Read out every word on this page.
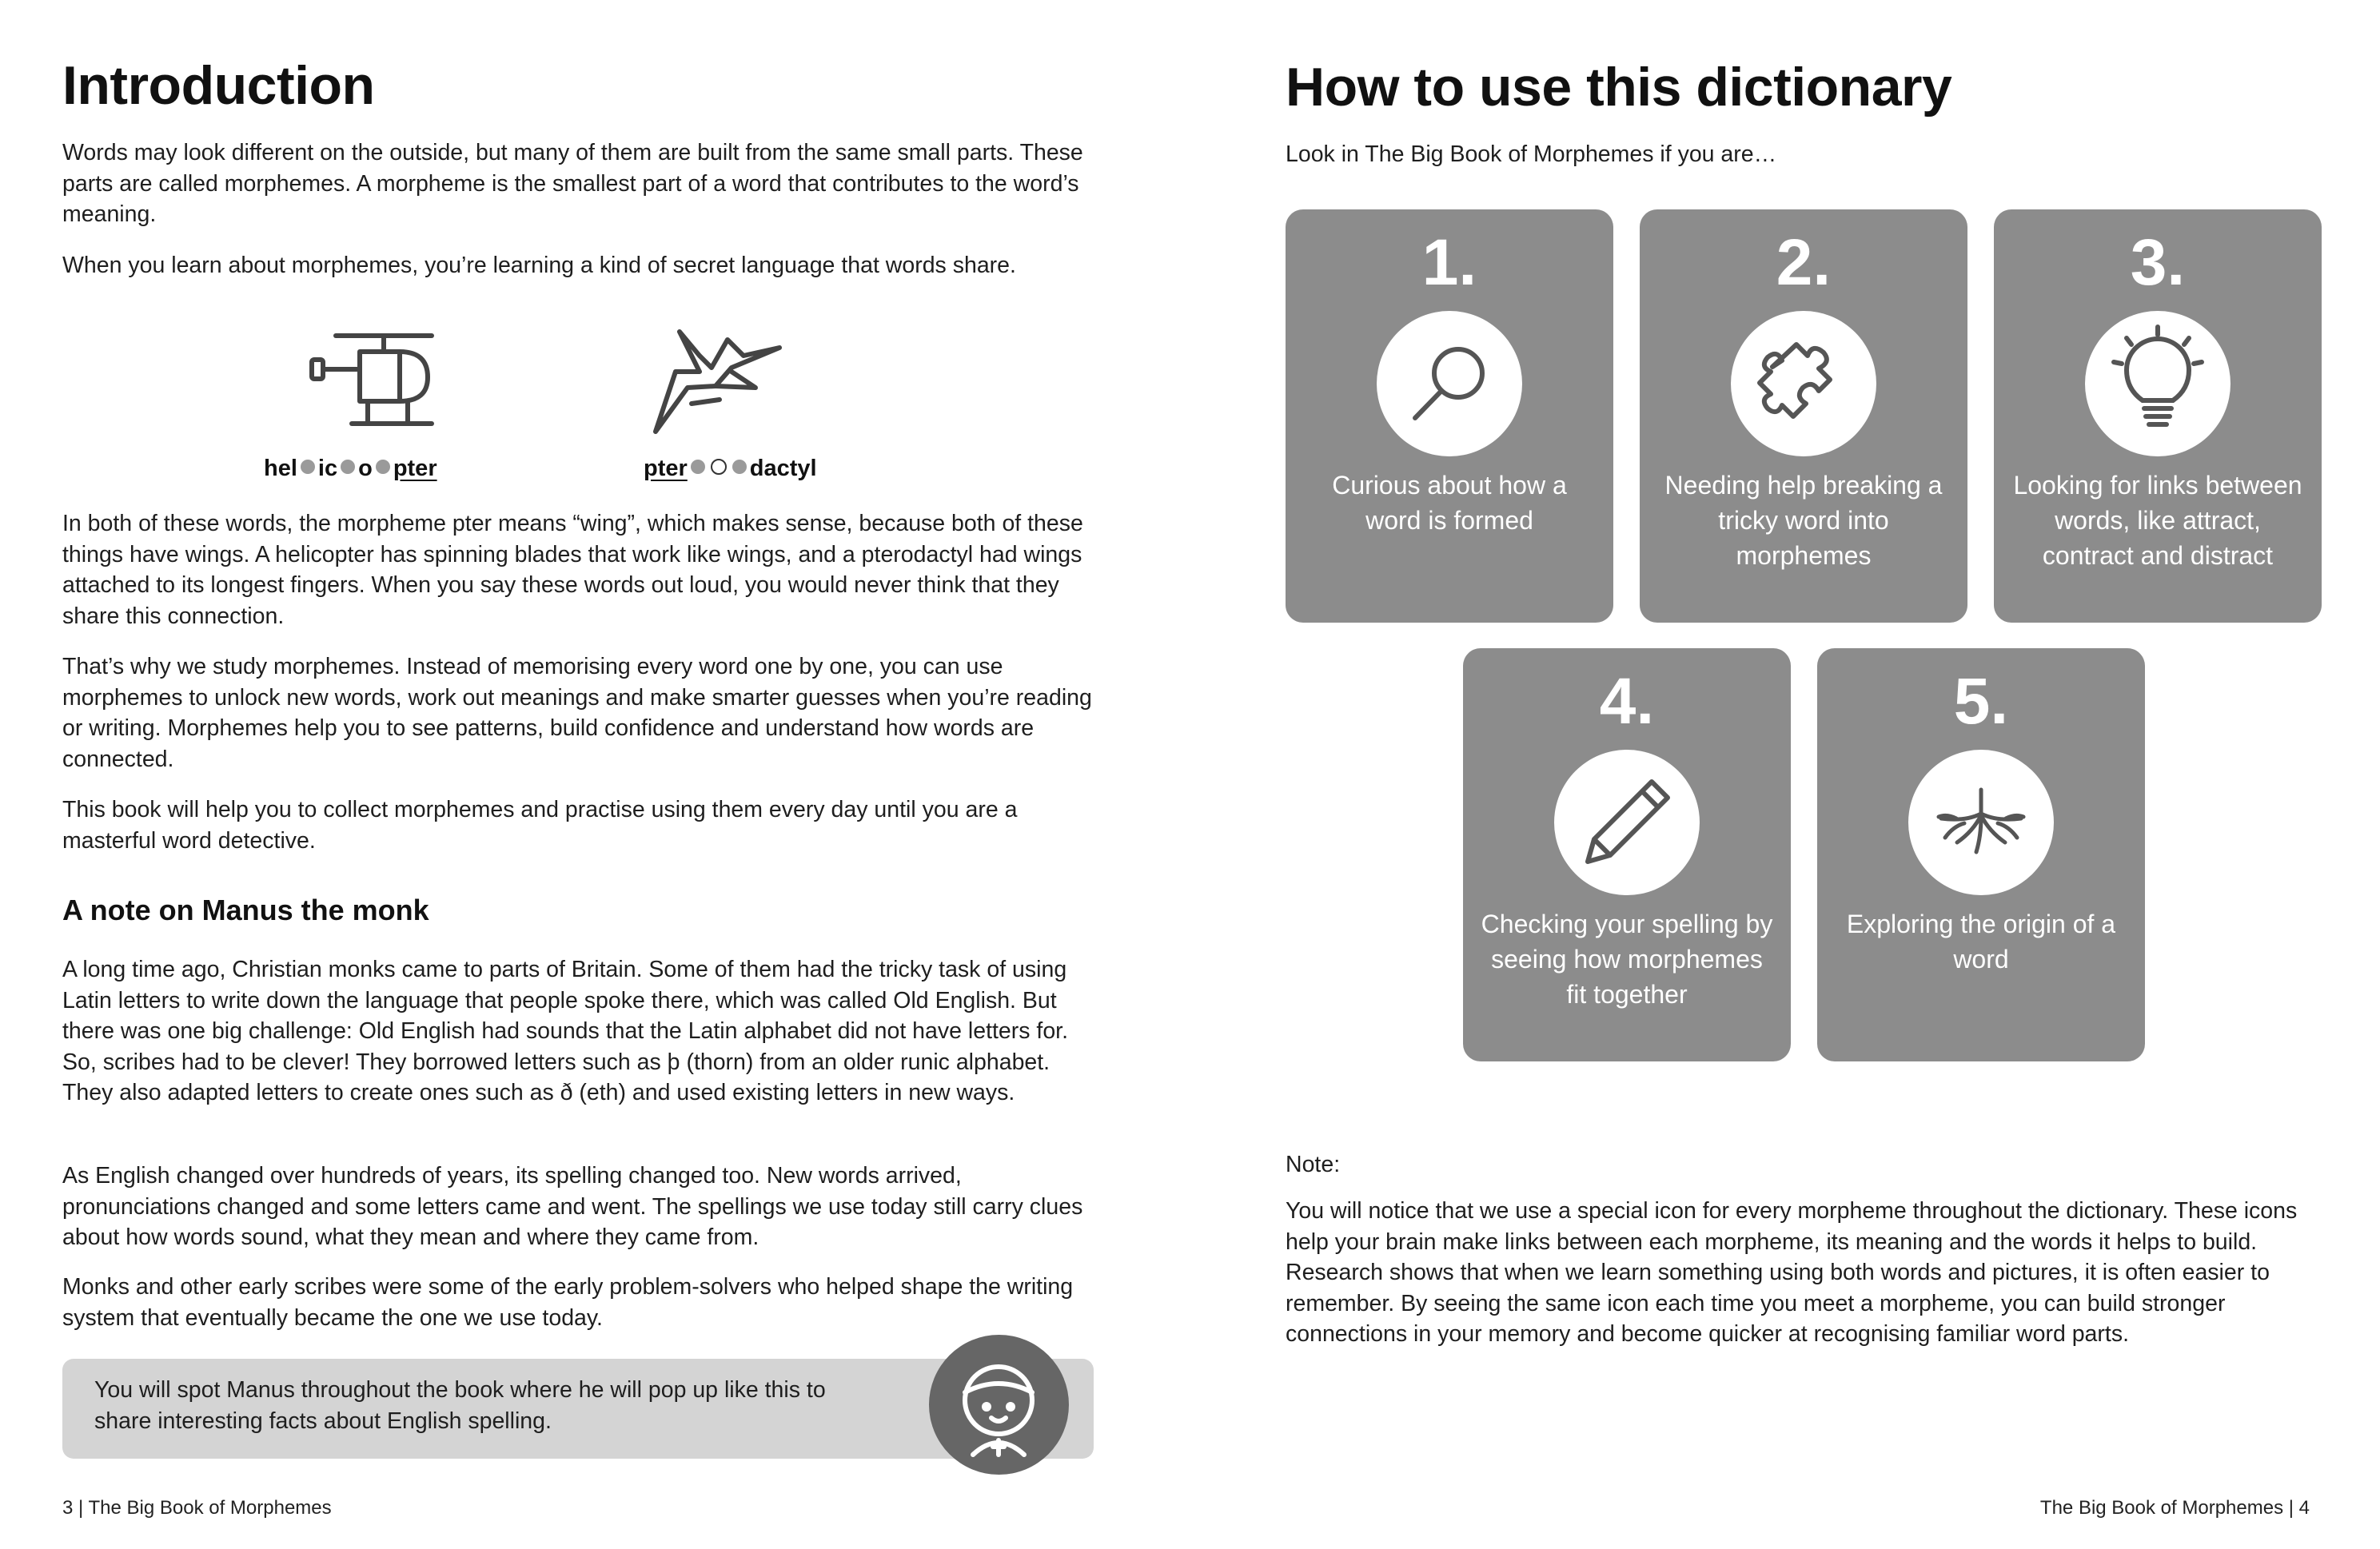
Introduction

Words may look different on the outside, but many of them are built from the same small parts. These parts are called morphemes. A morpheme is the smallest part of a word that contributes to the word’s meaning.

When you learn about morphemes, you’re learning a kind of secret language that words share.

hel ic o pter	pter	dactyl

In both of these words, the morpheme pter means “wing”, which makes sense, because both of these things have wings. A helicopter has spinning blades that work like wings, and a pterodactyl had wings attached to its longest fingers. When you say these words out loud, you would never think that they share this connection.

That’s why we study morphemes. Instead of memorising every word one by one, you can use morphemes to unlock new words, work out meanings and make smarter guesses when you’re reading or writing. Morphemes help you to see patterns, build confidence and understand how words are connected.

This book will help you to collect morphemes and practise using them every day until you are a masterful word detective.

A note on Manus the monk

A long time ago, Christian monks came to parts of Britain. Some of them had the tricky task of using Latin letters to write down the language that people spoke there, which was called Old English. But there was one big challenge: Old English had sounds that the Latin alphabet did not have letters for. So, scribes had to be clever! They borrowed letters such as þ (thorn) from an older runic alphabet. They also adapted letters to create ones such as ð (eth) and used existing letters in new ways.

As English changed over hundreds of years, its spelling changed too. New words arrived, pronunciations changed and some letters came and went. The spellings we use today still carry clues about how words sound, what they mean and where they came from.

Monks and other early scribes were some of the early problem-solvers who helped shape the writing system that eventually became the one we use today.

You will spot Manus throughout the book where he will pop up like this to share interesting facts about English spelling.

3 | The Big Book of Morphemes
How to use this dictionary

Look in The Big Book of Morphemes if you are…

1.

Curious about how a word is formed

2.

Needing help breaking a tricky word into morphemes

3.

Looking for links between words, like attract, contract and distract

4.

Checking your spelling by seeing how morphemes fit together

5.

Exploring the origin of a word

Note:

You will notice that we use a special icon for every morpheme throughout the dictionary. These icons help your brain make links between each morpheme, its meaning and the words it helps to build. Research shows that when we learn something using both words and pictures, it is often easier to remember. By seeing the same icon each time you meet a morpheme, you can build stronger connections in your memory and become quicker at recognising familiar word parts.

The Big Book of Morphemes | 4
